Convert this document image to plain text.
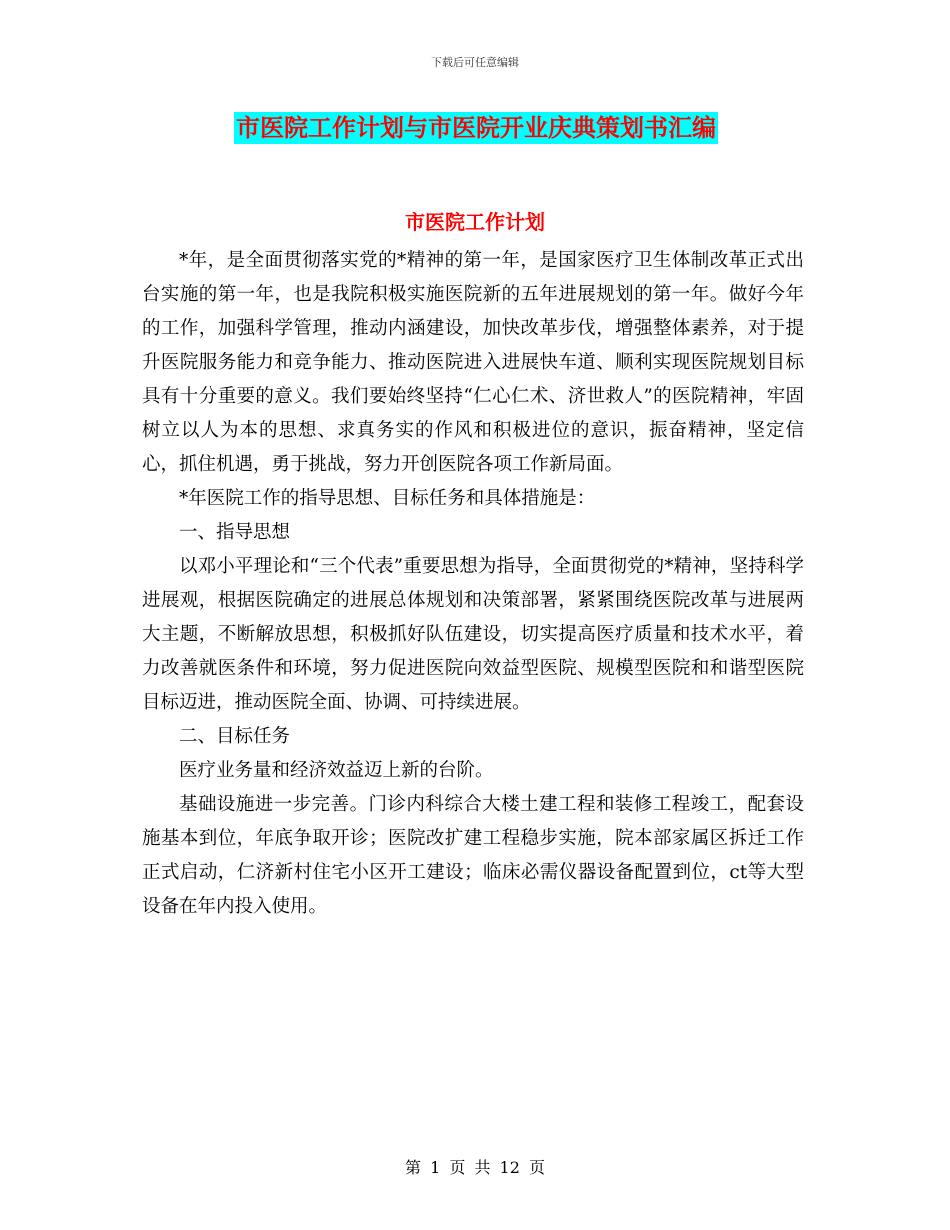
下载后可任意编辑
市医院工作计划与市医院开业庆典策划书汇编
市医院工作计划

*年，是全面贯彻落实党的*精神的第一年，是国家医疗卫生体制改革正式出台实施的第一年，也是我院积极实施医院新的五年进展规划的第一年。做好今年的工作，加强科学管理，推动内涵建设，加快改革步伐，增强整体素养，对于提升医院服务能力和竞争能力、推动医院进入进展快车道、顺利实现医院规划目标具有十分重要的意义。我们要始终坚持“仁心仁术、济世救人”的医院精神，牢固树立以人为本的思想、求真务实的作风和积极进位的意识，振奋精神，坚定信心，抓住机遇，勇于挑战，努力开创医院各项工作新局面。

*年医院工作的指导思想、目标任务和具体措施是：

一、指导思想

以邓小平理论和“三个代表”重要思想为指导，全面贯彻党的*精神，坚持科学进展观，根据医院确定的进展总体规划和决策部署，紧紧围绕医院改革与进展两大主题，不断解放思想，积极抓好队伍建设，切实提高医疗质量和技术水平，着力改善就医条件和环境，努力促进医院向效益型医院、规模型医院和和谐型医院目标迈进，推动医院全面、协调、可持续进展。

二、目标任务

医疗业务量和经济效益迈上新的台阶。

基础设施进一步完善。门诊内科综合大楼土建工程和装修工程竣工，配套设施基本到位，年底争取开诊；医院改扩建工程稳步实施，院本部家属区拆迁工作正式启动，仁济新村住宅小区开工建设；临床必需仪器设备配置到位，ct等大型设备在年内投入使用。

第 1 页 共 12 页
